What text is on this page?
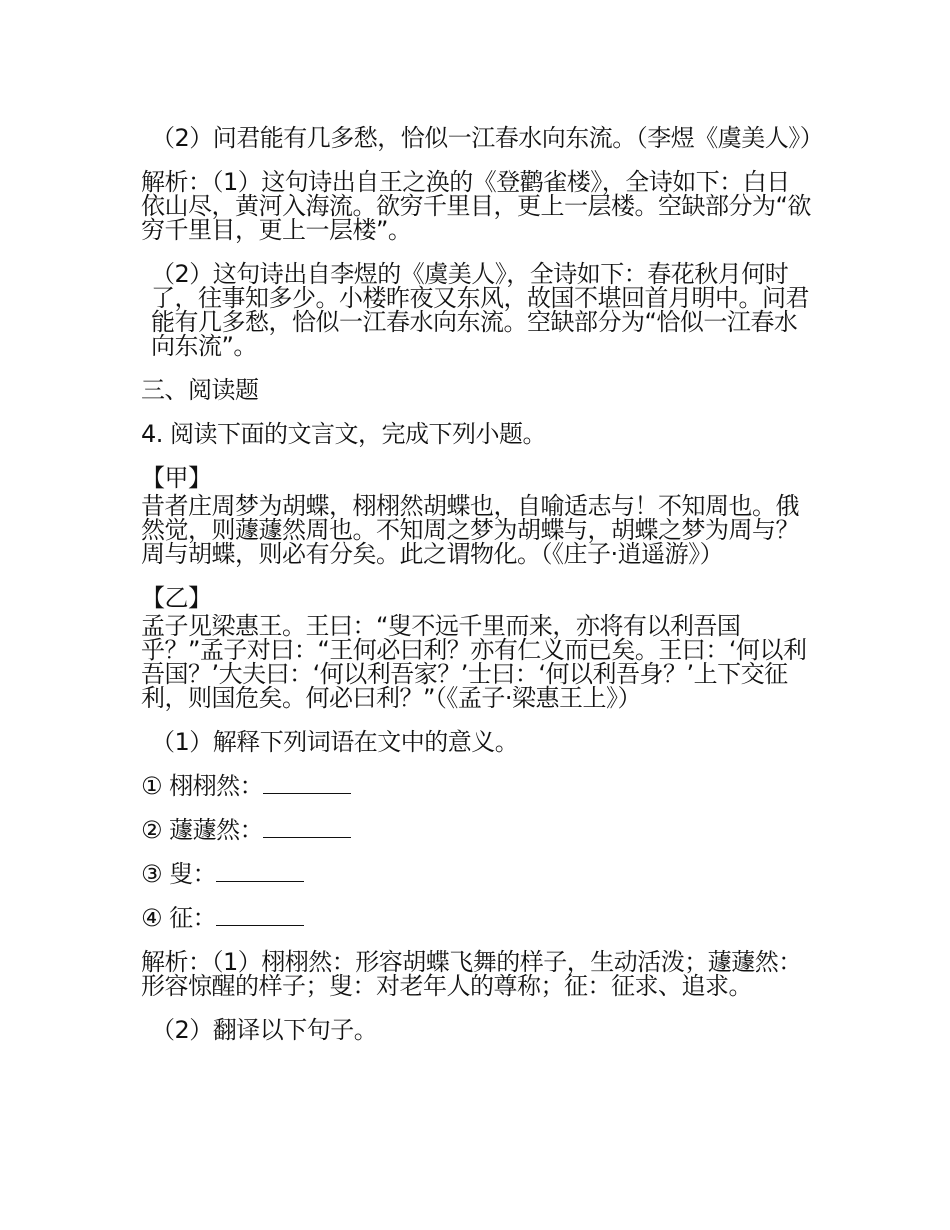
（2）问君能有几多愁，恰似一江春水向东流。（李煜《虞美人》）

解析：（1）这句诗出自王之涣的《登鹳雀楼》，全诗如下：白日依山尽，黄河入海流。欲穷千里目，更上一层楼。空缺部分为“欲穷千里目，更上一层楼”。

（2）这句诗出自李煜的《虞美人》，全诗如下：春花秋月何时了，往事知多少。小楼昨夜又东风，故国不堪回首月明中。问君能有几多愁，恰似一江春水向东流。空缺部分为“恰似一江春水向东流”。

三、阅读题

4. 阅读下面的文言文，完成下列小题。

【甲】

昔者庄周梦为胡蝶，栩栩然胡蝶也，自喻适志与！不知周也。俄然觉，则蘧蘧然周也。不知周之梦为胡蝶与，胡蝶之梦为周与？周与胡蝶，则必有分矣。此之谓物化。（《庄子·逍遥游》）

【乙】

孟子见梁惠王。王曰：“叟不远千里而来，亦将有以利吾国乎？”孟子对曰：“王何必曰利？亦有仁义而已矣。王曰：‘何以利吾国？’大夫曰：‘何以利吾家？’士曰：‘何以利吾身？’上下交征利，则国危矣。何必曰利？”（《孟子·梁惠王上》）

（1）解释下列词语在文中的意义。

① 栩栩然：

② 蘧蘧然：

③ 叟：

④ 征：

解析：（1）栩栩然：形容胡蝶飞舞的样子，生动活泼；蘧蘧然：形容惊醒的样子；叟：对老年人的尊称；征：征求、追求。

（2）翻译以下句子。
